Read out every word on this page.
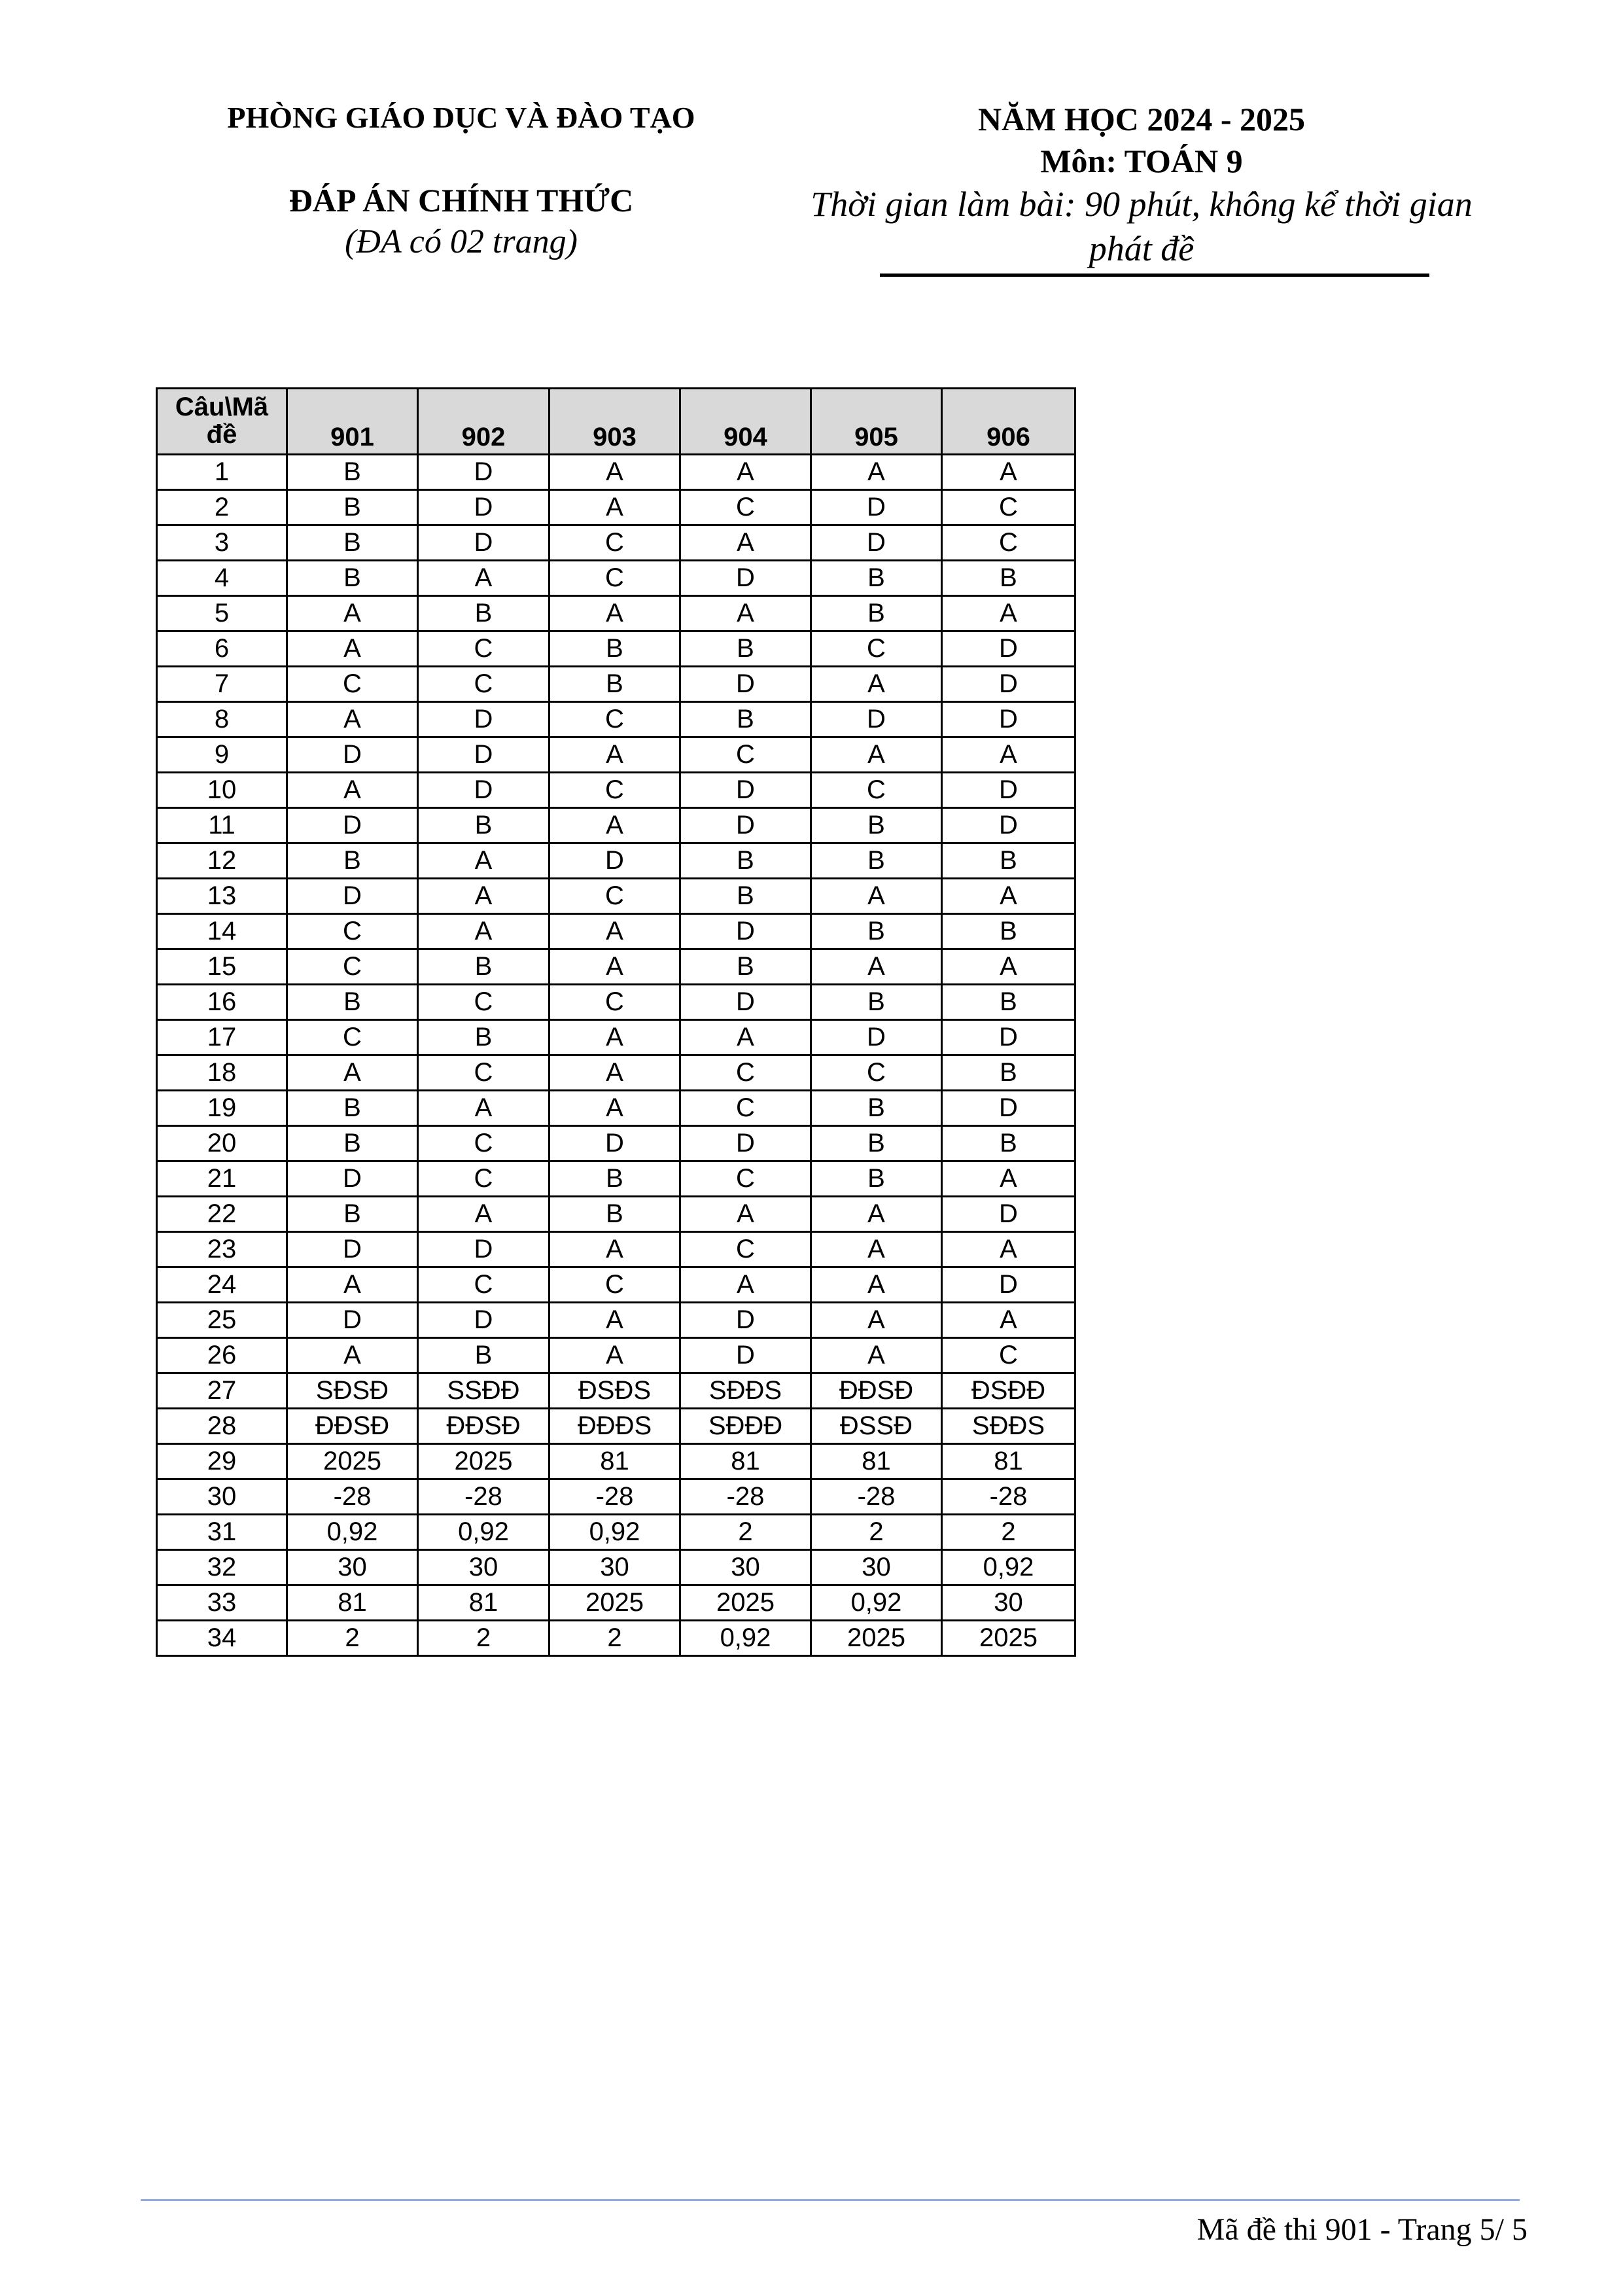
PHÒNG GIÁO DỤC VÀ ĐÀO TẠO
ĐÁP ÁN CHÍNH THỨC
(ĐA có 02 trang)
NĂM HỌC 2024 - 2025
Môn: TOÁN 9
Thời gian làm bài: 90 phút, không kể thời gian
phát đề
Câu\Mã
đề	901	902	903	904	905	906
1	B	D	A	A	A	A
2	B	D	A	C	D	C
3	B	D	C	A	D	C
4	B	A	C	D	B	B
5	A	B	A	A	B	A
6	A	C	B	B	C	D
7	C	C	B	D	A	D
8	A	D	C	B	D	D
9	D	D	A	C	A	A
10	A	D	C	D	C	D
11	D	B	A	D	B	D
12	B	A	D	B	B	B
13	D	A	C	B	A	A
14	C	A	A	D	B	B
15	C	B	A	B	A	A
16	B	C	C	D	B	B
17	C	B	A	A	D	D
18	A	C	A	C	C	B
19	B	A	A	C	B	D
20	B	C	D	D	B	B
21	D	C	B	C	B	A
22	B	A	B	A	A	D
23	D	D	A	C	A	A
24	A	C	C	A	A	D
25	D	D	A	D	A	A
26	A	B	A	D	A	C
27	SĐSĐ	SSĐĐ	ĐSĐS	SĐĐS	ĐĐSĐ	ĐSĐĐ
28	ĐĐSĐ	ĐĐSĐ	ĐĐĐS	SĐĐĐ	ĐSSĐ	SĐĐS
29	2025	2025	81	81	81	81
30	-28	-28	-28	-28	-28	-28
31	0,92	0,92	0,92	2	2	2
32	30	30	30	30	30	0,92
33	81	81	2025	2025	0,92	30
34	2	2	2	0,92	2025	2025
Mã đề thi 901 - Trang 5/ 5
